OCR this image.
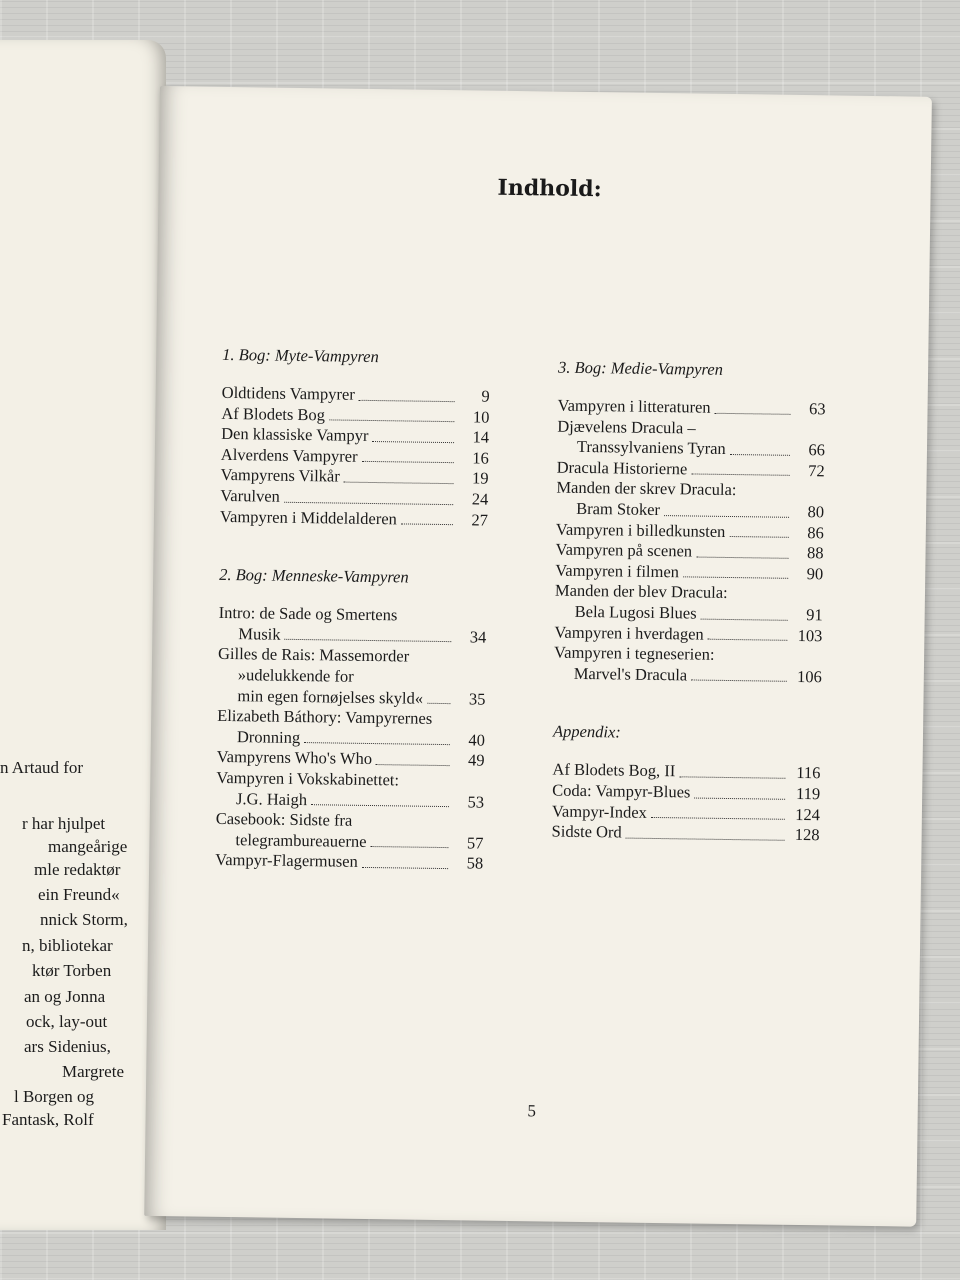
n Artaud for
r har hjulpet
mangeårige
mle redaktør
ein Freund«
nnick Storm,
n, bibliotekar
ktør Torben
an og Jonna
ock, lay-out
ars Sidenius,
Margrete
l Borgen og
Fantask, Rolf
Indhold:
1. Bog: Myte-Vampyren
Oldtidens Vampyrer	9
Af Blodets Bog	10
Den klassiske Vampyr	14
Alverdens Vampyrer	16
Vampyrens Vilkår	19
Varulven	24
Vampyren i Middelalderen	27
2. Bog: Menneske-Vampyren
Intro: de Sade og Smertens
Musik	34
Gilles de Rais: Massemorder
»udelukkende for
min egen fornøjelses skyld«	35
Elizabeth Báthory: Vampyrernes
Dronning	40
Vampyrens Who's Who	49
Vampyren i Vokskabinettet:
J.G. Haigh	53
Casebook: Sidste fra
telegrambureauerne	57
Vampyr-Flagermusen	58
3. Bog: Medie-Vampyren
Vampyren i litteraturen	63
Djævelens Dracula –
Transsylvaniens Tyran	66
Dracula Historierne	72
Manden der skrev Dracula:
Bram Stoker	80
Vampyren i billedkunsten	86
Vampyren på scenen	88
Vampyren i filmen	90
Manden der blev Dracula:
Bela Lugosi Blues	91
Vampyren i hverdagen	103
Vampyren i tegneserien:
Marvel's Dracula	106
Appendix:
Af Blodets Bog, II	116
Coda: Vampyr-Blues	119
Vampyr-Index	124
Sidste Ord	128
5
